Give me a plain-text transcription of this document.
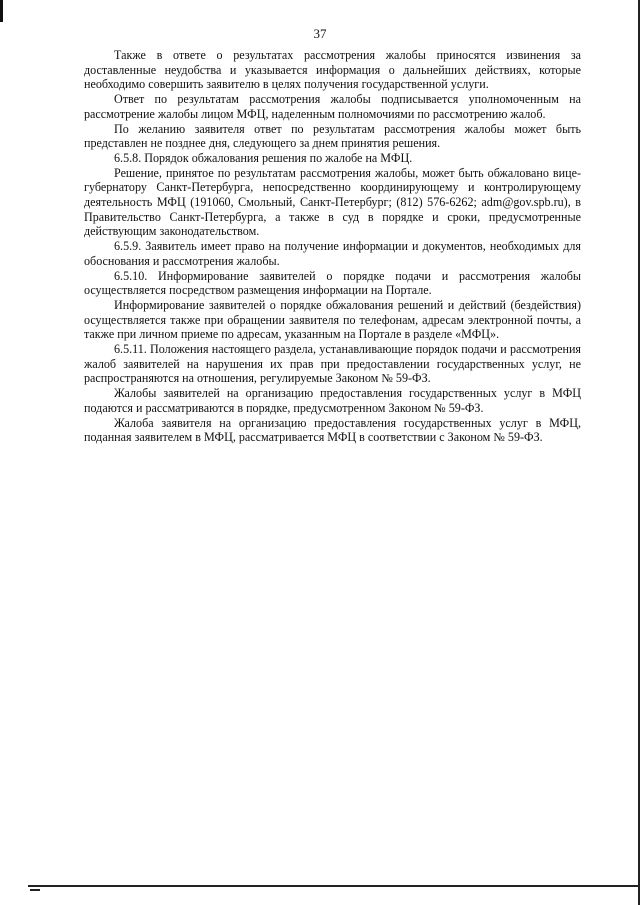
37

Также в ответе о результатах рассмотрения жалобы приносятся извинения за доставленные неудобства и указывается информация о дальнейших действиях, которые необходимо совершить заявителю в целях получения государственной услуги.

Ответ по результатам рассмотрения жалобы подписывается уполномоченным на рассмотрение жалобы лицом МФЦ, наделенным полномочиями по рассмотрению жалоб.

По желанию заявителя ответ по результатам рассмотрения жалобы может быть представлен не позднее дня, следующего за днем принятия решения.

6.5.8. Порядок обжалования решения по жалобе на МФЦ.

Решение, принятое по результатам рассмотрения жалобы, может быть обжаловано вице-губернатору Санкт-Петербурга, непосредственно координирующему и контролирующему деятельность МФЦ (191060, Смольный, Санкт-Петербург; (812) 576-6262; adm@gov.spb.ru), в Правительство Санкт-Петербурга, а также в суд в порядке и сроки, предусмотренные действующим законодательством.

6.5.9. Заявитель имеет право на получение информации и документов, необходимых для обоснования и рассмотрения жалобы.

6.5.10. Информирование заявителей о порядке подачи и рассмотрения жалобы осуществляется посредством размещения информации на Портале.

Информирование заявителей о порядке обжалования решений и действий (бездействия) осуществляется также при обращении заявителя по телефонам, адресам электронной почты, а также при личном приеме по адресам, указанным на Портале в разделе «МФЦ».

6.5.11. Положения настоящего раздела, устанавливающие порядок подачи и рассмотрения жалоб заявителей на нарушения их прав при предоставлении государственных услуг, не распространяются на отношения, регулируемые Законом № 59-ФЗ.

Жалобы заявителей на организацию предоставления государственных услуг в МФЦ подаются и рассматриваются в порядке, предусмотренном Законом № 59-ФЗ.

Жалоба заявителя на организацию предоставления государственных услуг в МФЦ, поданная заявителем в МФЦ, рассматривается МФЦ в соответствии с Законом № 59-ФЗ.
